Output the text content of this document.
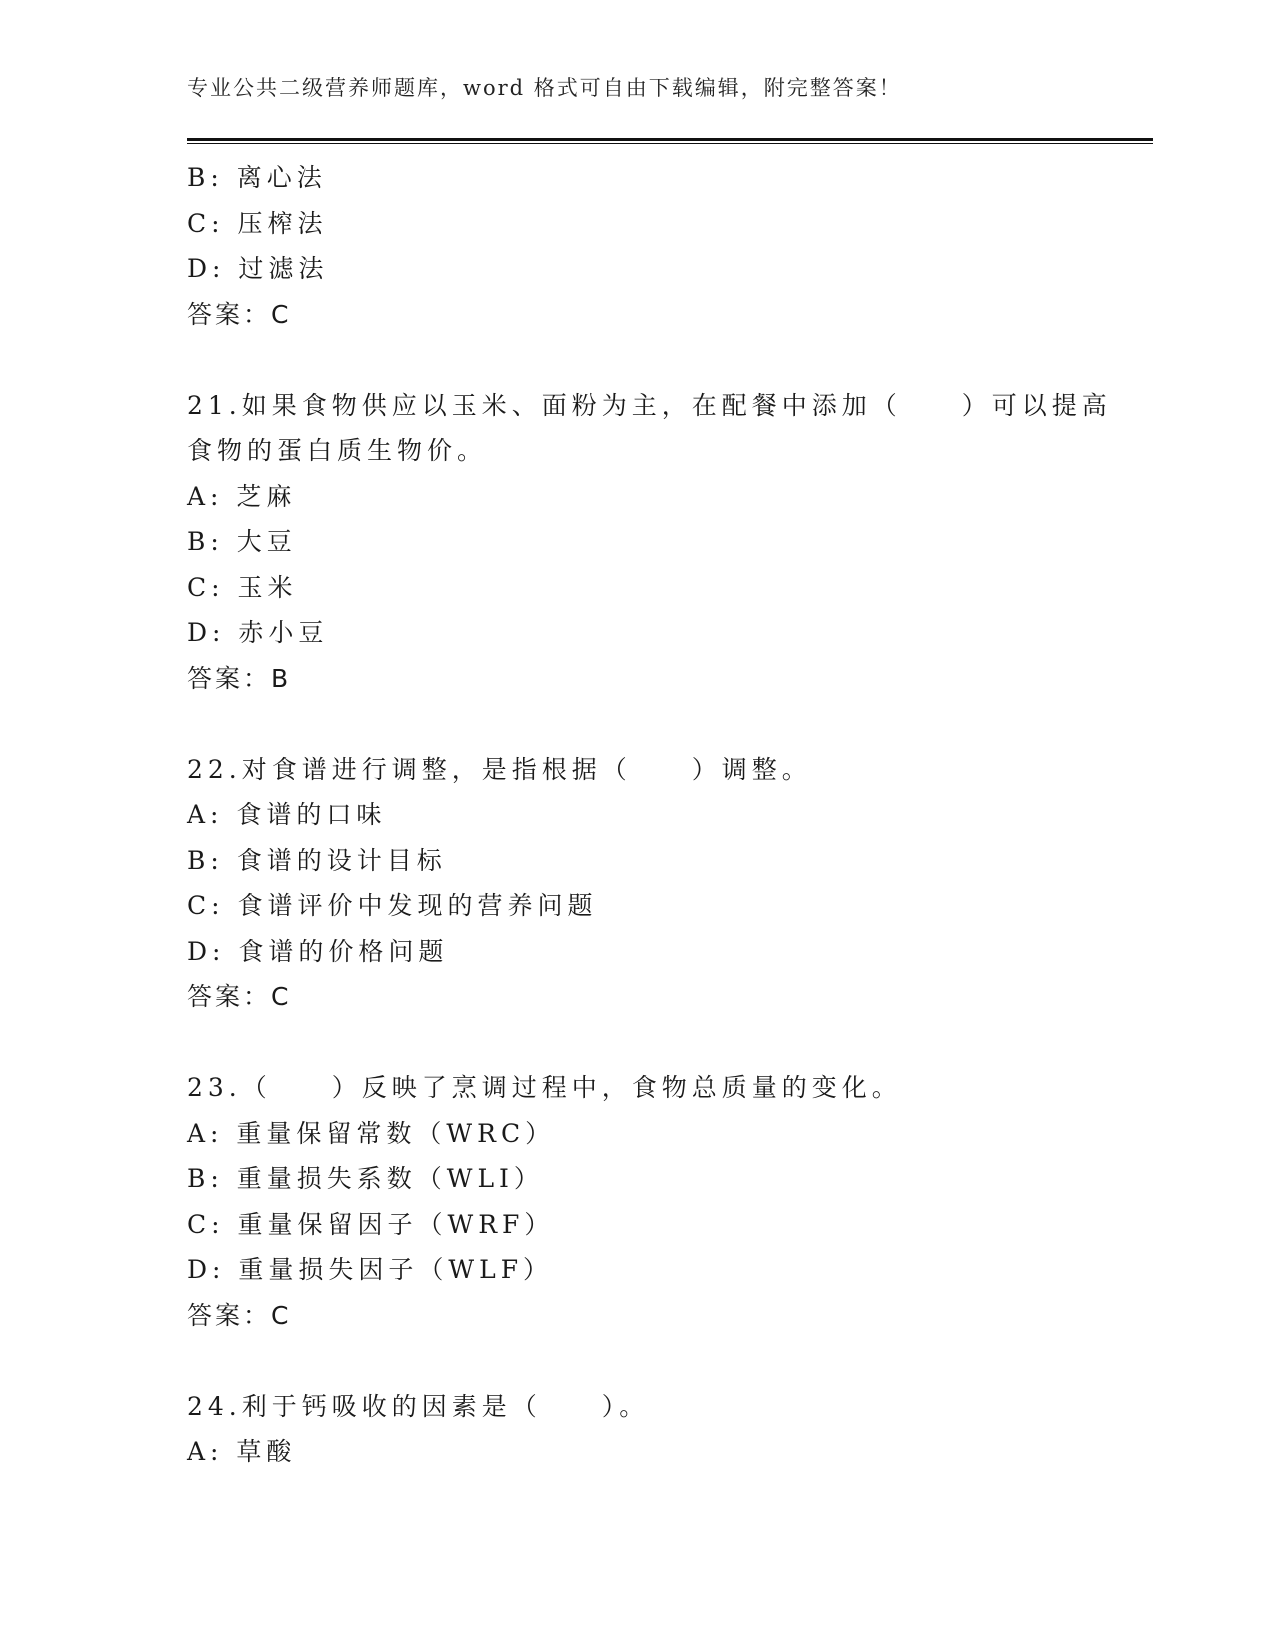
专业公共二级营养师题库，word 格式可自由下载编辑，附完整答案！
B: 离心法
C: 压榨法
D: 过滤法
答案：C
21.如果食物供应以玉米、面粉为主，在配餐中添加（　　）可以提高
食物的蛋白质生物价。
A: 芝麻
B: 大豆
C: 玉米
D: 赤小豆
答案：B
22.对食谱进行调整，是指根据（　　）调整。
A: 食谱的口味
B: 食谱的设计目标
C: 食谱评价中发现的营养问题
D: 食谱的价格问题
答案：C
23.（　　）反映了烹调过程中，食物总质量的变化。
A: 重量保留常数（WRC）
B: 重量损失系数（WLI）
C: 重量保留因子（WRF）
D: 重量损失因子（WLF）
答案：C
24.利于钙吸收的因素是（　　）。
A: 草酸
